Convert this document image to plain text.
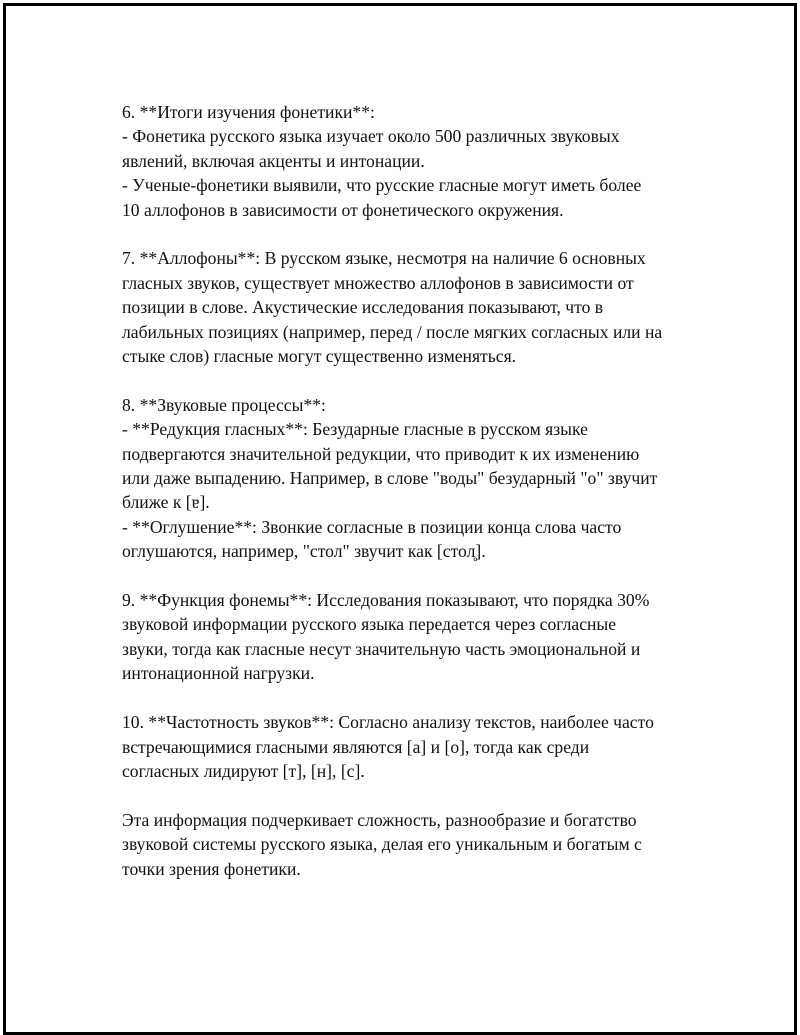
6. **Итоги изучения фонетики**:
- Фонетика русского языка изучает около 500 различных звуковых
явлений, включая акценты и интонации.
- Ученые-фонетики выявили, что русские гласные могут иметь более
10 аллофонов в зависимости от фонетического окружения.

7. **Аллофоны**: В русском языке, несмотря на наличие 6 основных
гласных звуков, существует множество аллофонов в зависимости от
позиции в слове. Акустические исследования показывают, что в
лабильных позициях (например, перед / после мягких согласных или на
стыке слов) гласные могут существенно изменяться.

8. **Звуковые процессы**:
- **Редукция гласных**: Безударные гласные в русском языке
подвергаются значительной редукции, что приводит к их изменению
или даже выпадению. Например, в слове "воды" безударный "о" звучит
ближе к [ɐ].
- **Оглушение**: Звонкие согласные в позиции конца слова часто
оглушаются, например, "стол" звучит как [стол̥].

9. **Функция фонемы**: Исследования показывают, что порядка 30%
звуковой информации русского языка передается через согласные
звуки, тогда как гласные несут значительную часть эмоциональной и
интонационной нагрузки.

10. **Частотность звуков**: Согласно анализу текстов, наиболее часто
встречающимися гласными являются [а] и [о], тогда как среди
согласных лидируют [т], [н], [с].

Эта информация подчеркивает сложность, разнообразие и богатство
звуковой системы русского языка, делая его уникальным и богатым с
точки зрения фонетики.
